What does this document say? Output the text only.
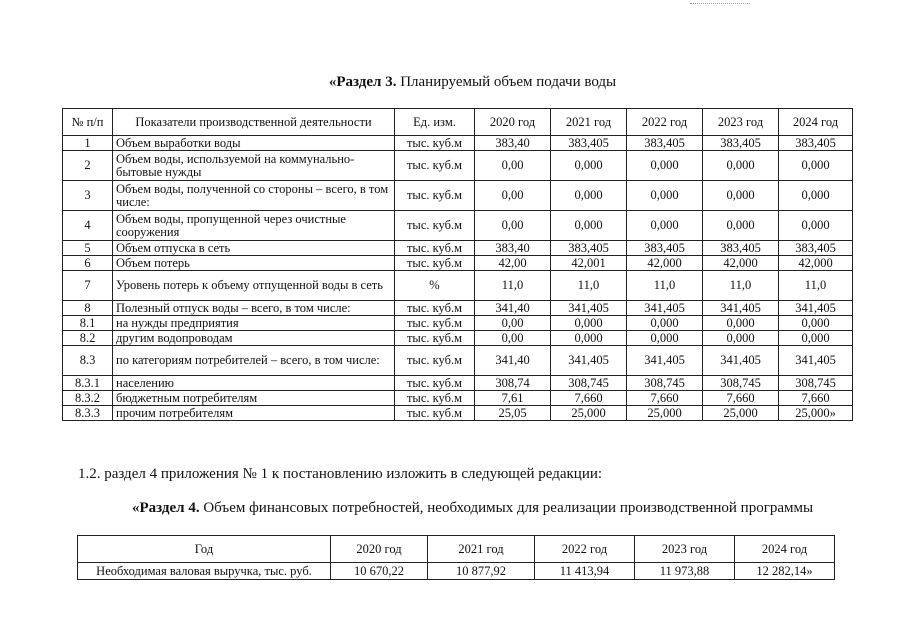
«Раздел 3. Планируемый объем подачи воды
№ п/п	Показатели производственной деятельности	Ед. изм.	2020 год	2021 год	2022 год	2023 год	2024 год
1	Объем выработки воды	тыс. куб.м	383,40	383,405	383,405	383,405	383,405
2	Объем воды, используемой на коммунально-бытовые нужды	тыс. куб.м	0,00	0,000	0,000	0,000	0,000
3	Объем воды, полученной со стороны – всего, в том числе:	тыс. куб.м	0,00	0,000	0,000	0,000	0,000
4	Объем воды, пропущенной через очистные сооружения	тыс. куб.м	0,00	0,000	0,000	0,000	0,000
5	Объем отпуска в сеть	тыс. куб.м	383,40	383,405	383,405	383,405	383,405
6	Объем потерь	тыс. куб.м	42,00	42,001	42,000	42,000	42,000
7	Уровень потерь к объему отпущенной воды в сеть	%	11,0	11,0	11,0	11,0	11,0
8	Полезный отпуск воды – всего, в том числе:	тыс. куб.м	341,40	341,405	341,405	341,405	341,405
8.1	на нужды предприятия	тыс. куб.м	0,00	0,000	0,000	0,000	0,000
8.2	другим водопроводам	тыс. куб.м	0,00	0,000	0,000	0,000	0,000
8.3	по категориям потребителей – всего, в том числе:	тыс. куб.м	341,40	341,405	341,405	341,405	341,405
8.3.1	населению	тыс. куб.м	308,74	308,745	308,745	308,745	308,745
8.3.2	бюджетным потребителям	тыс. куб.м	7,61	7,660	7,660	7,660	7,660
8.3.3	прочим потребителям	тыс. куб.м	25,05	25,000	25,000	25,000	25,000»
1.2. раздел 4 приложения № 1 к постановлению изложить в следующей редакции:
«Раздел 4. Объем финансовых потребностей, необходимых для реализации производственной программы
Год	2020 год	2021 год	2022 год	2023 год	2024 год
Необходимая валовая выручка, тыс. руб.	10 670,22	10 877,92	11 413,94	11 973,88	12 282,14»
